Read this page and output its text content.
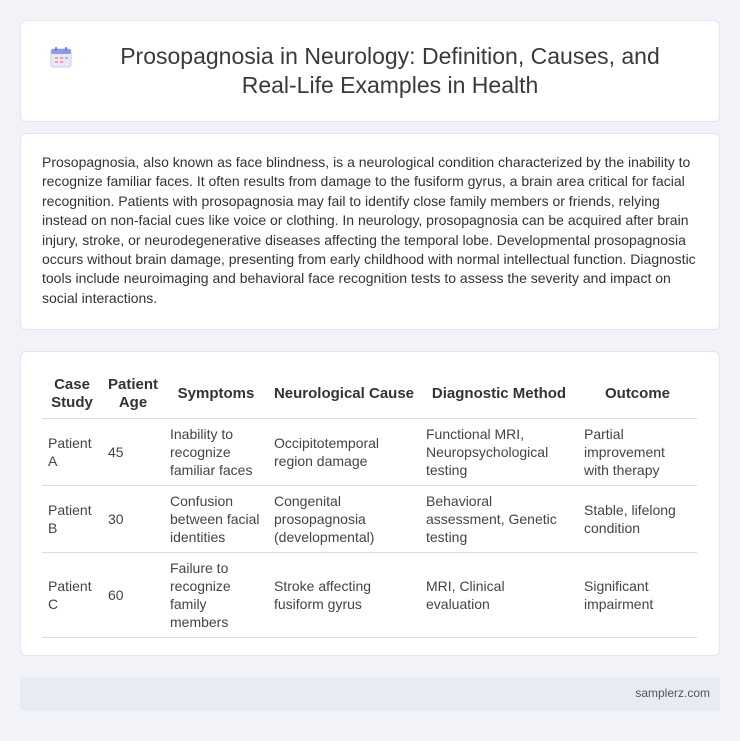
Prosopagnosia in Neurology: Definition, Causes, and Real-Life Examples in Health

Prosopagnosia, also known as face blindness, is a neurological condition characterized by the inability to recognize familiar faces. It often results from damage to the fusiform gyrus, a brain area critical for facial recognition. Patients with prosopagnosia may fail to identify close family members or friends, relying instead on non-facial cues like voice or clothing. In neurology, prosopagnosia can be acquired after brain injury, stroke, or neurodegenerative diseases affecting the temporal lobe. Developmental prosopagnosia occurs without brain damage, presenting from early childhood with normal intellectual function. Diagnostic tools include neuroimaging and behavioral face recognition tests to assess the severity and impact on social interactions.

Case Study	Patient Age	Symptoms	Neurological Cause	Diagnostic Method	Outcome
Patient A	45	Inability to recognize familiar faces	Occipitotemporal region damage	Functional MRI, Neuropsychological testing	Partial improvement with therapy
Patient B	30	Confusion between facial identities	Congenital prosopagnosia (developmental)	Behavioral assessment, Genetic testing	Stable, lifelong condition
Patient C	60	Failure to recognize family members	Stroke affecting fusiform gyrus	MRI, Clinical evaluation	Significant impairment
samplerz.com
